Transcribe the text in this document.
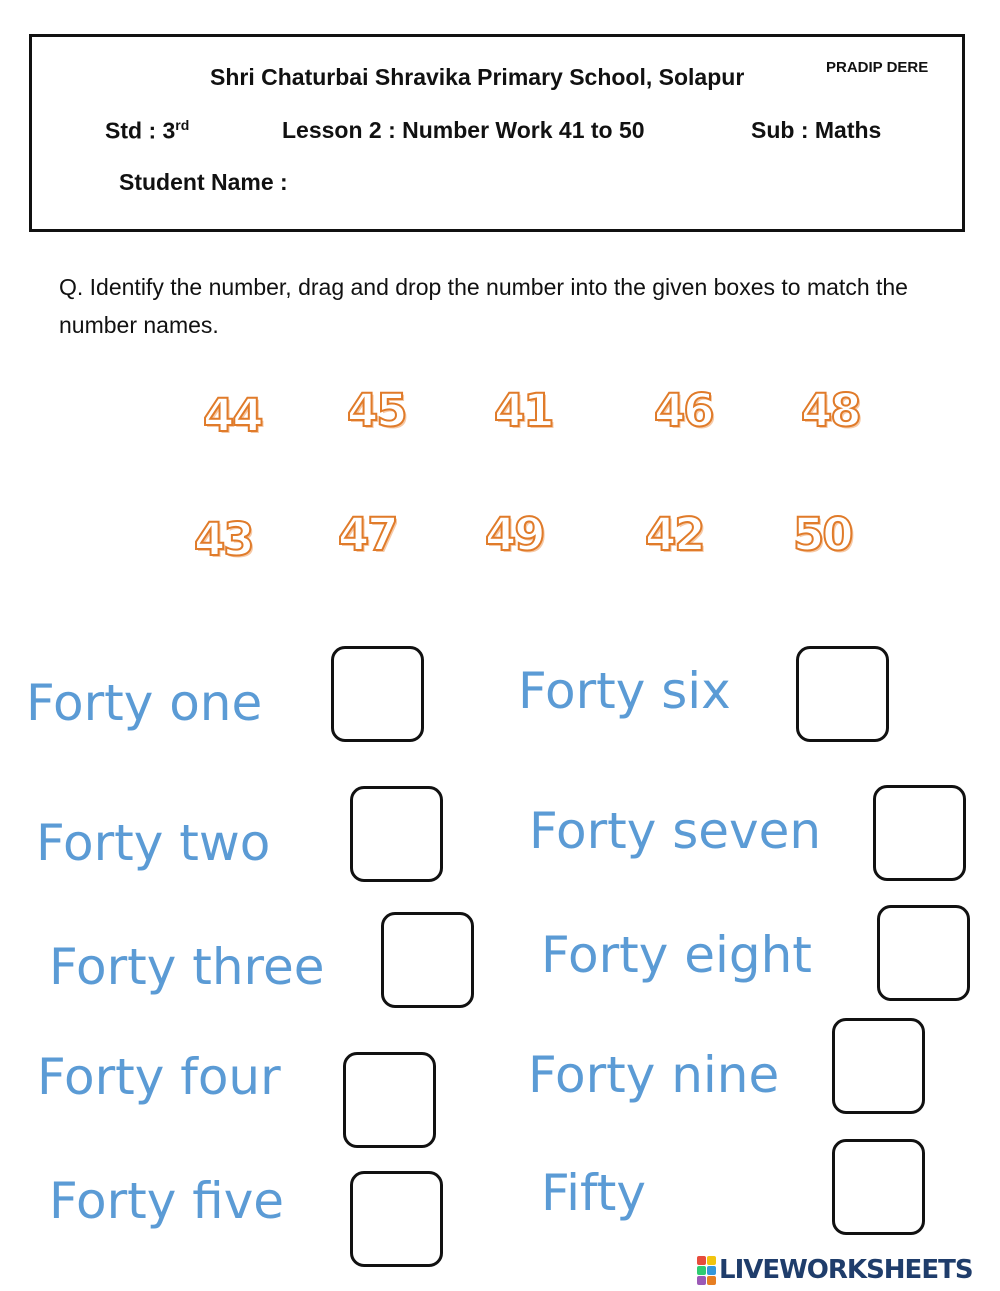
Shri Chaturbai Shravika Primary School, Solapur	PRADIP DERE
Std : 3rd	Lesson 2 : Number Work 41 to 50	Sub : Maths
Student Name :
Q. Identify the number, drag and drop the number into the given boxes to match the number names.
44 45 41 46 48
43 47 49 42 50
Forty one
Forty two
Forty three
Forty four
Forty five
Forty six
Forty seven
Forty eight
Forty nine
Fifty
LIVEWORKSHEETS
